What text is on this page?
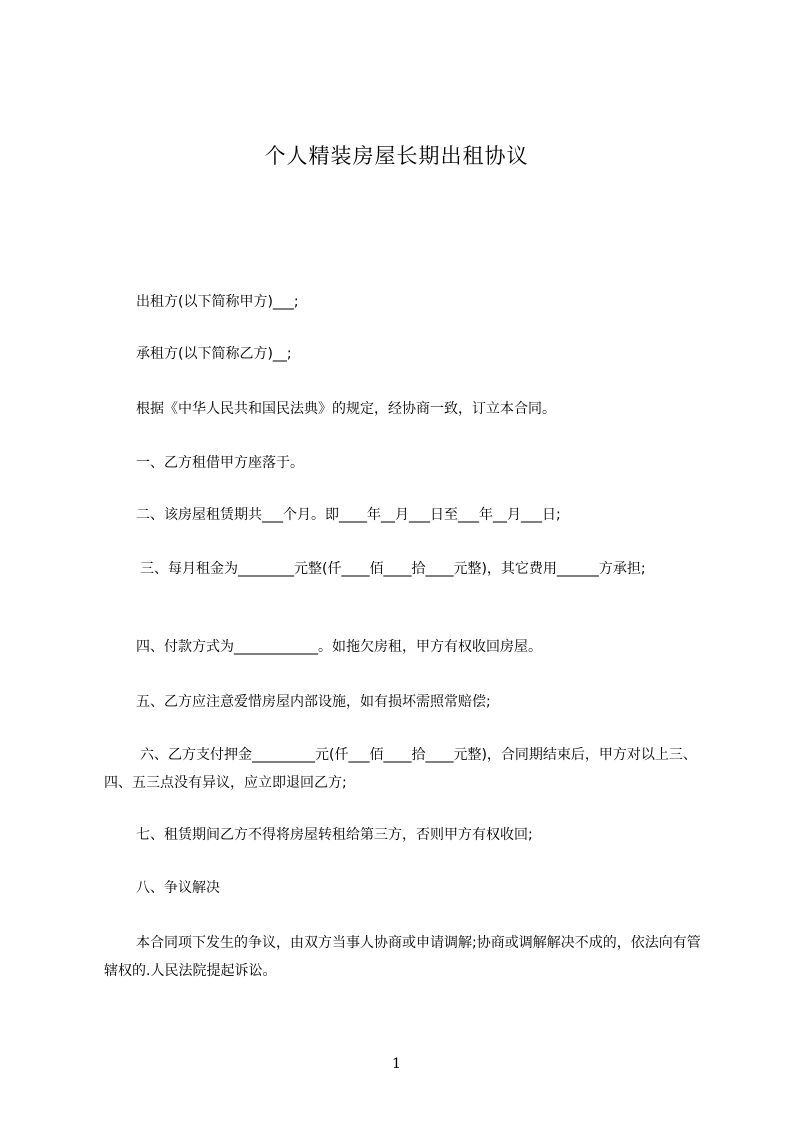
个人精装房屋长期出租协议
出租方(以下简称甲方)___;
承租方(以下简称乙方)__;
根据《中华人民共和国民法典》的规定，经协商一致，订立本合同。
一、乙方租借甲方座落于。
二、该房屋租赁期共___个月。即____年__月___日至___年__月___日;
三、每月租金为________元整(仟____佰____拾____元整)，其它费用______方承担;
四、付款方式为____________。如拖欠房租，甲方有权收回房屋。
五、乙方应注意爱惜房屋内部设施，如有损坏需照常赔偿;
六、乙方支付押金_________元(仟___佰____拾____元整)，合同期结束后，甲方对以上三、四、五三点没有异议，应立即退回乙方;
七、租赁期间乙方不得将房屋转租给第三方，否则甲方有权收回;
八、争议解决
本合同项下发生的争议，由双方当事人协商或申请调解;协商或调解解决不成的，依法向有管辖权的.人民法院提起诉讼。
1
